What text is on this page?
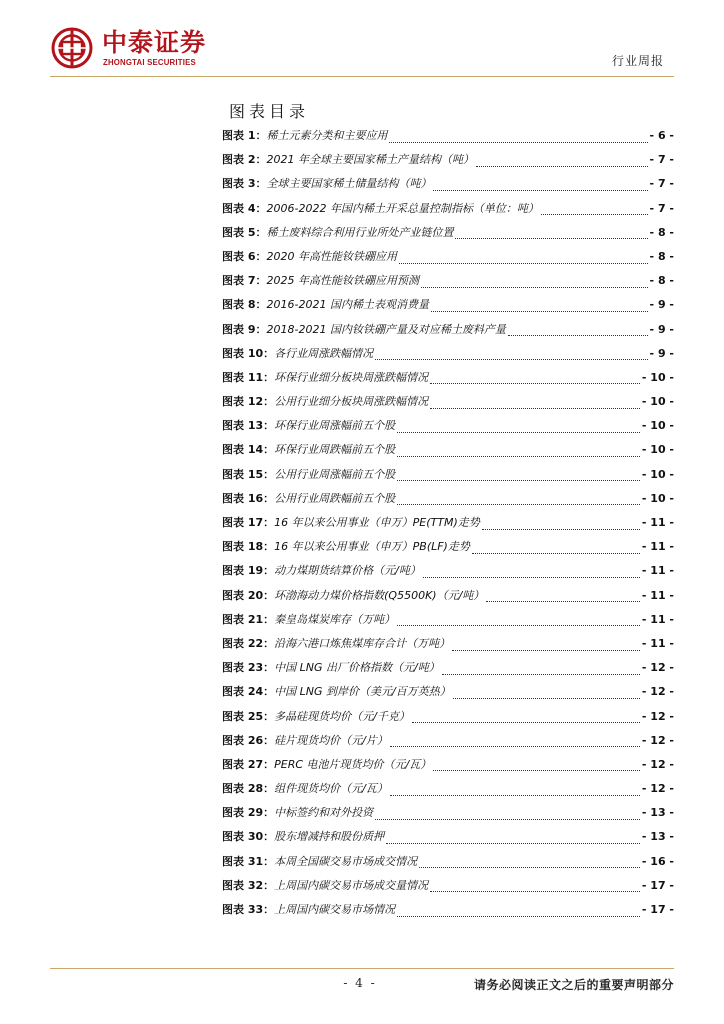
中泰证券
ZHONGTAI SECURITIES	行业周报
图表目录
图表 1： 稀土元素分类和主要应用	- 6 -
图表 2： 2021 年全球主要国家稀土产量结构（吨）	- 7 -
图表 3： 全球主要国家稀土储量结构（吨）	- 7 -
图表 4： 2006-2022 年国内稀土开采总量控制指标（单位：吨）	- 7 -
图表 5： 稀土废料综合利用行业所处产业链位置	- 8 -
图表 6： 2020 年高性能钕铁硼应用	- 8 -
图表 7： 2025 年高性能钕铁硼应用预测	- 8 -
图表 8： 2016-2021 国内稀土表观消费量	- 9 -
图表 9： 2018-2021 国内钕铁硼产量及对应稀土废料产量	- 9 -
图表 10： 各行业周涨跌幅情况	- 9 -
图表 11： 环保行业细分板块周涨跌幅情况	- 10 -
图表 12： 公用行业细分板块周涨跌幅情况	- 10 -
图表 13： 环保行业周涨幅前五个股	- 10 -
图表 14： 环保行业周跌幅前五个股	- 10 -
图表 15： 公用行业周涨幅前五个股	- 10 -
图表 16： 公用行业周跌幅前五个股	- 10 -
图表 17： 16 年以来公用事业（申万）PE(TTM)走势	- 11 -
图表 18： 16 年以来公用事业（申万）PB(LF)走势	- 11 -
图表 19： 动力煤期货结算价格（元/吨）	- 11 -
图表 20： 环渤海动力煤价格指数(Q5500K)（元/吨）	- 11 -
图表 21： 秦皇岛煤炭库存（万吨）	- 11 -
图表 22： 沿海六港口炼焦煤库存合计（万吨）	- 11 -
图表 23： 中国 LNG 出厂价格指数（元/吨）	- 12 -
图表 24： 中国 LNG 到岸价（美元/百万英热）	- 12 -
图表 25： 多晶硅现货均价（元/千克）	- 12 -
图表 26： 硅片现货均价（元/片）	- 12 -
图表 27： PERC 电池片现货均价（元/瓦）	- 12 -
图表 28： 组件现货均价（元/瓦）	- 12 -
图表 29： 中标签约和对外投资	- 13 -
图表 30： 股东增减持和股份质押	- 13 -
图表 31： 本周全国碳交易市场成交情况	- 16 -
图表 32： 上周国内碳交易市场成交量情况	- 17 -
图表 33： 上周国内碳交易市场情况	- 17 -
- 4 -	请务必阅读正文之后的重要声明部分
